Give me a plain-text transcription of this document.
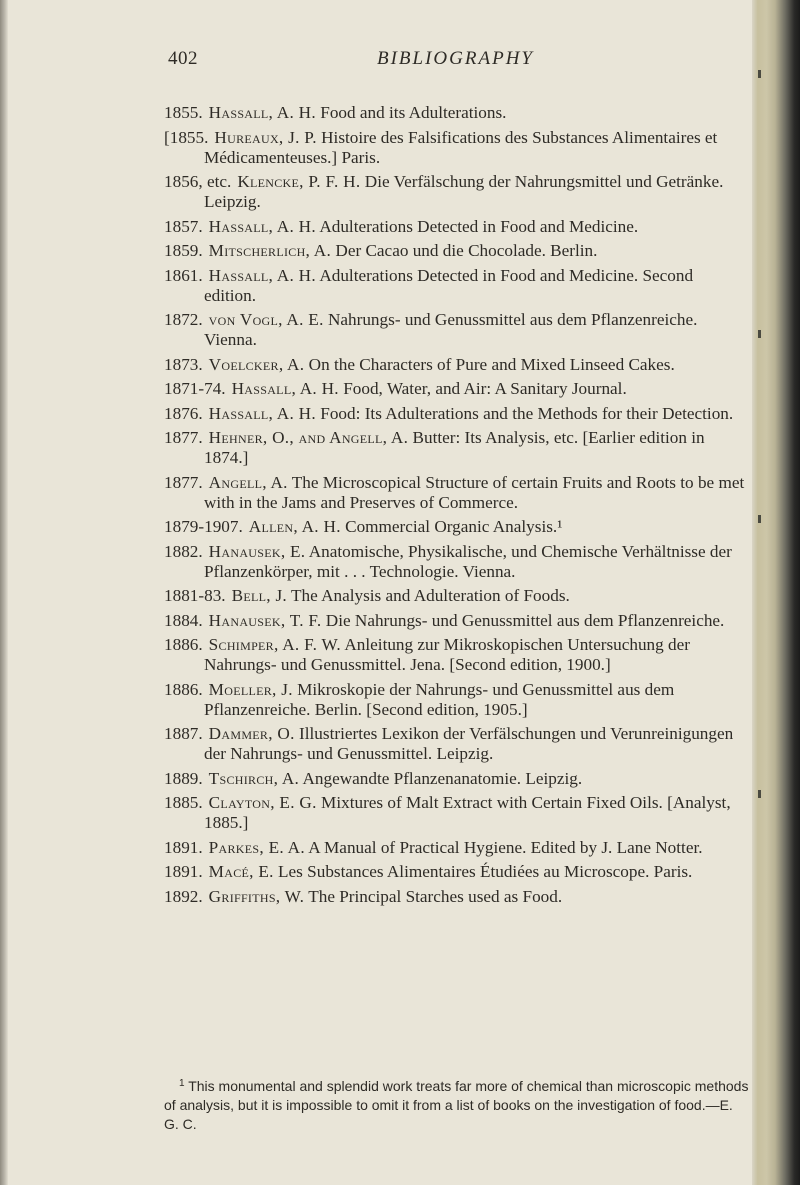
402	BIBLIOGRAPHY
1855. Hassall, A. H. Food and its Adulterations.
[1855. Hureaux, J. P. Histoire des Falsifications des Substances Alimentaires et Médicamenteuses.] Paris.
1856, etc. Klencke, P. F. H. Die Verfälschung der Nahrungsmittel und Getränke. Leipzig.
1857. Hassall, A. H. Adulterations Detected in Food and Medicine.
1859. Mitscherlich, A. Der Cacao und die Chocolade. Berlin.
1861. Hassall, A. H. Adulterations Detected in Food and Medicine. Second edition.
1872. von Vogl, A. E. Nahrungs- und Genussmittel aus dem Pflanzenreiche. Vienna.
1873. Voelcker, A. On the Characters of Pure and Mixed Linseed Cakes.
1871-74. Hassall, A. H. Food, Water, and Air: A Sanitary Journal.
1876. Hassall, A. H. Food: Its Adulterations and the Methods for their Detection.
1877. Hehner, O., and Angell, A. Butter: Its Analysis, etc. [Earlier edition in 1874.]
1877. Angell, A. The Microscopical Structure of certain Fruits and Roots to be met with in the Jams and Preserves of Commerce.
1879-1907. Allen, A. H. Commercial Organic Analysis.¹
1882. Hanausek, E. Anatomische, Physikalische, und Chemische Verhältnisse der Pflanzenkörper, mit . . . Technologie. Vienna.
1881-83. Bell, J. The Analysis and Adulteration of Foods.
1884. Hanausek, T. F. Die Nahrungs- und Genussmittel aus dem Pflanzenreiche.
1886. Schimper, A. F. W. Anleitung zur Mikroskopischen Untersuchung der Nahrungs- und Genussmittel. Jena. [Second edition, 1900.]
1886. Moeller, J. Mikroskopie der Nahrungs- und Genussmittel aus dem Pflanzenreiche. Berlin. [Second edition, 1905.]
1887. Dammer, O. Illustriertes Lexikon der Verfälschungen und Verunreinigungen der Nahrungs- und Genussmittel. Leipzig.
1889. Tschirch, A. Angewandte Pflanzenanatomie. Leipzig.
1885. Clayton, E. G. Mixtures of Malt Extract with Certain Fixed Oils. [Analyst, 1885.]
1891. Parkes, E. A. A Manual of Practical Hygiene. Edited by J. Lane Notter.
1891. Macé, E. Les Substances Alimentaires Étudiées au Microscope. Paris.
1892. Griffiths, W. The Principal Starches used as Food.
$^1$ This monumental and splendid work treats far more of chemical than microscopic methods of analysis, but it is impossible to omit it from a list of books on the investigation of food.—E. G. C.
